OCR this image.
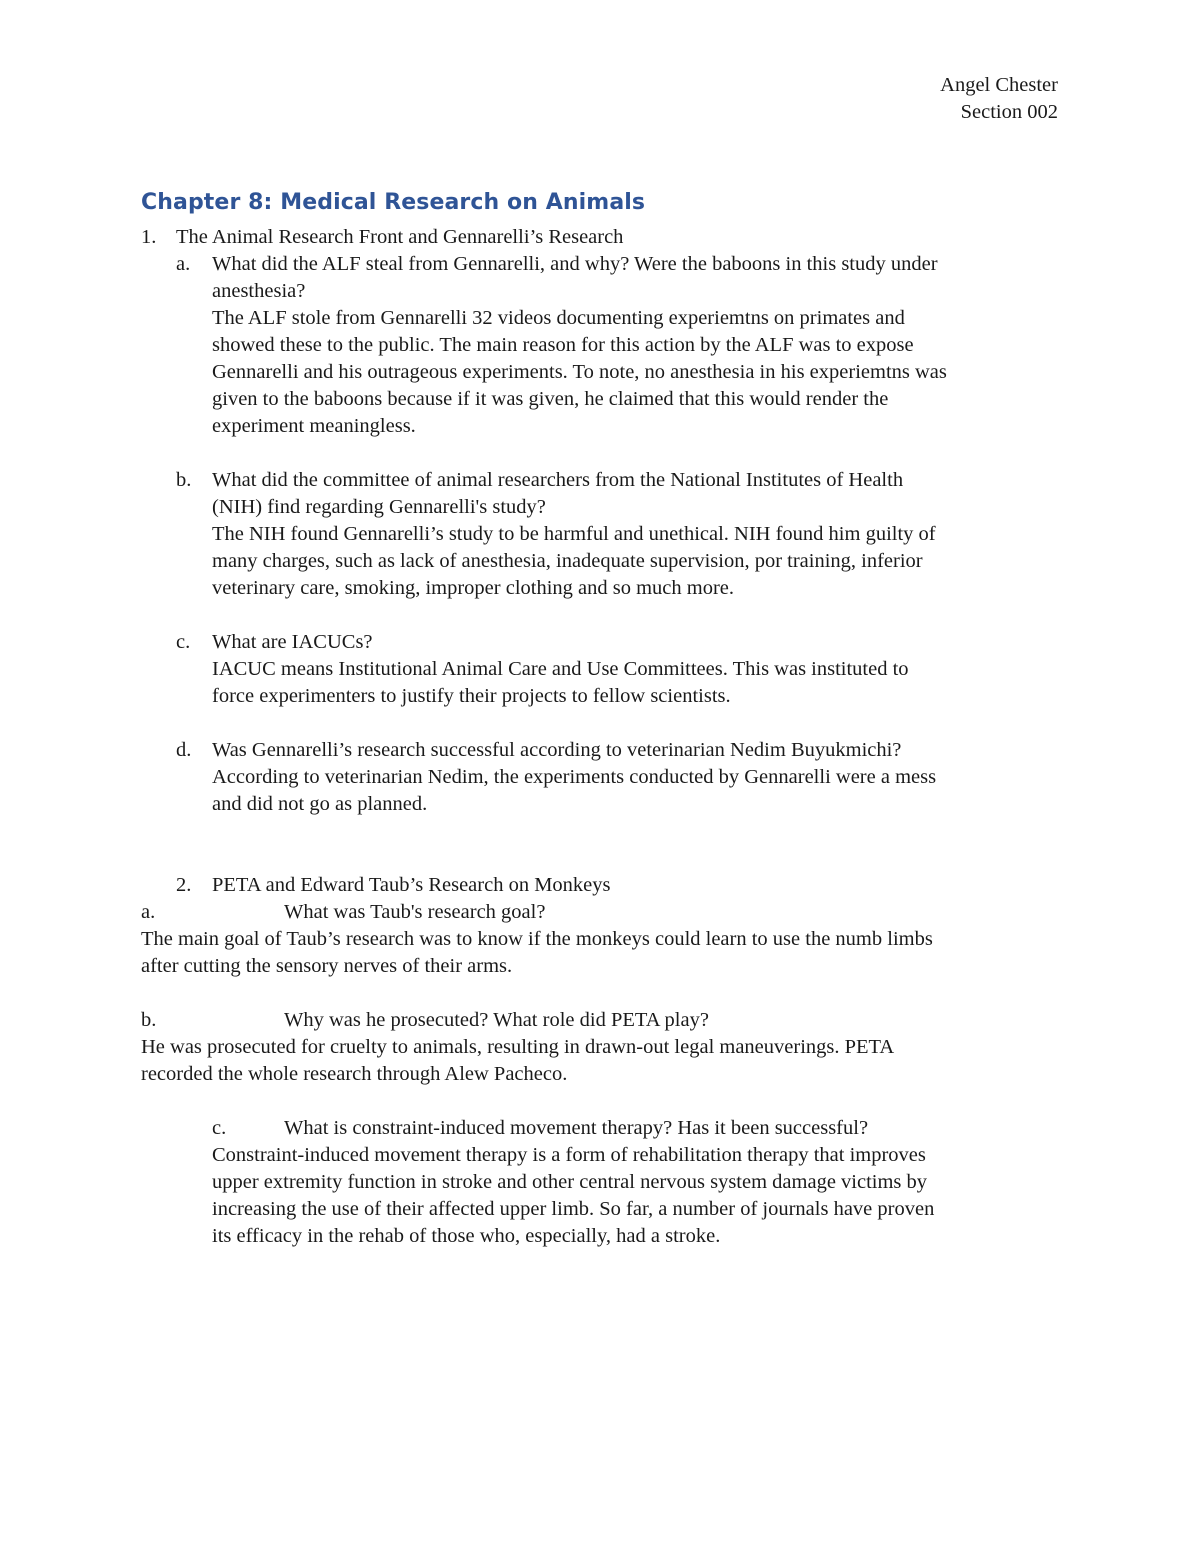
Angel Chester
Section 002
Chapter 8: Medical Research on Animals
1. The Animal Research Front and Gennarelli’s Research
a. What did the ALF steal from Gennarelli, and why? Were the baboons in this study under
anesthesia?
The ALF stole from Gennarelli 32 videos documenting experiemtns on primates and
showed these to the public. The main reason for this action by the ALF was to expose
Gennarelli and his outrageous experiments. To note, no anesthesia in his experiemtns was
given to the baboons because if it was given, he claimed that this would render the
experiment meaningless.
b. What did the committee of animal researchers from the National Institutes of Health
(NIH) find regarding Gennarelli's study?
The NIH found Gennarelli’s study to be harmful and unethical. NIH found him guilty of
many charges, such as lack of anesthesia, inadequate supervision, por training, inferior
veterinary care, smoking, improper clothing and so much more.
c. What are IACUCs?
IACUC means Institutional Animal Care and Use Committees. This was instituted to
force experimenters to justify their projects to fellow scientists.
d. Was Gennarelli’s research successful according to veterinarian Nedim Buyukmichi?
According to veterinarian Nedim, the experiments conducted by Gennarelli were a mess
and did not go as planned.
2. PETA and Edward Taub’s Research on Monkeys
a.	What was Taub's research goal?
The main goal of Taub’s research was to know if the monkeys could learn to use the numb limbs
after cutting the sensory nerves of their arms.
b.	Why was he prosecuted? What role did PETA play?
He was prosecuted for cruelty to animals, resulting in drawn-out legal maneuverings. PETA
recorded the whole research through Alew Pacheco.
c.	What is constraint-induced movement therapy? Has it been successful?
Constraint-induced movement therapy is a form of rehabilitation therapy that improves
upper extremity function in stroke and other central nervous system damage victims by
increasing the use of their affected upper limb. So far, a number of journals have proven
its efficacy in the rehab of those who, especially, had a stroke.
